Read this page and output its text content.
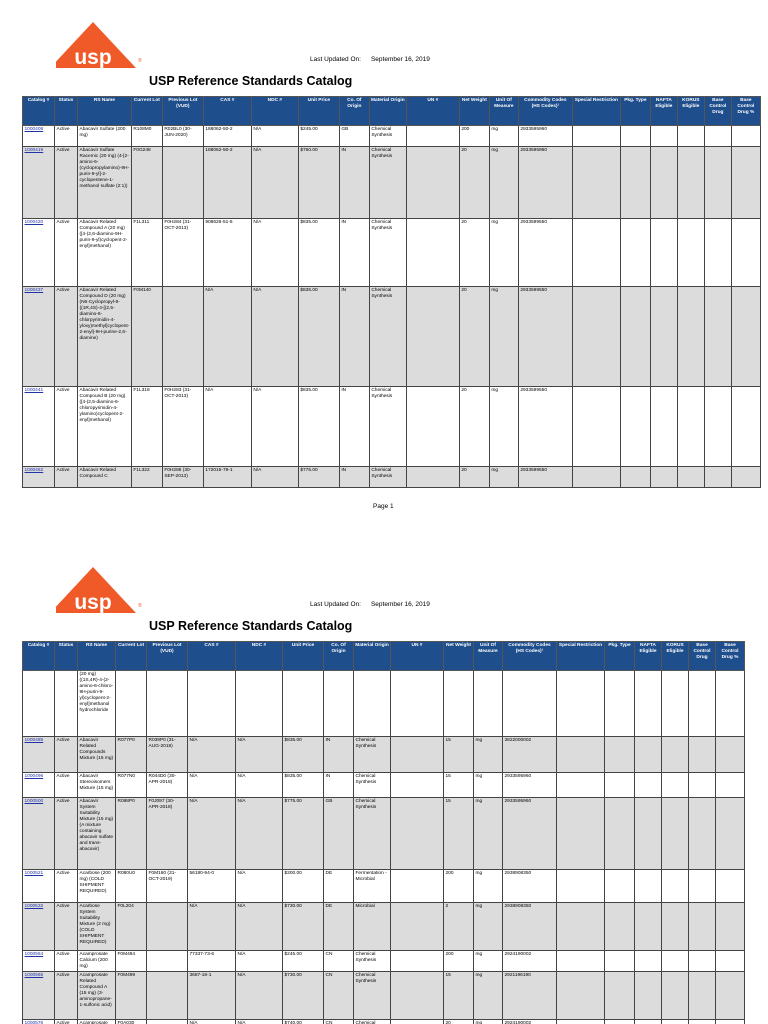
usp	®	Last Updated On: September 16, 2019
USP Reference Standards Catalog
Catalog #	Status	RS Name	Current Lot	Previous Lot (VUD)	CAS #	NDC #	Unit Price	Co. Of Origin	Material Origin	UN #	Net Weight	Unit Of Measure	Commodity Codes (HS Codes)¹	Special Restriction	Pkg. Type	NAFTA Eligible	KORUS Eligible	Base Control Drug	Base Control Drug %
1000408	Active	Abacavir Sulfate (200 mg)	R108M0	R02BL0 (30-JUN-2020)	188062-50-2	N/A	$245.00	GB	Chemical Synthesis		200	mg	2933595960						
1000419	Active	Abacavir Sulfate Racemic (20 mg) (4-[2-amino-6-(cyclopropylamino)-9H-purin-9-yl]-2-cyclopentene-1-methanol sulfate (2:1))	F0G248		188062-50-2	N/A	$760.00	IN	Chemical Synthesis		20	mg	2933595960						
1000420	Active	Abacavir Related Compound A (20 mg) ([4-(2,6-diamino-9H-purin-9-yl)cyclopent-2-enyl]methanol)	F1L311	F0H284 (31-OCT-2013)	908626-51-5	N/A	$835.00	IN	Chemical Synthesis		20	mg	2933599550						
1000437	Active	Abacavir Related Compound D (20 mg) (N6-Cyclopropyl-9-{(1R,4S)-4-[(2,5-diamino-6-chlorpyrimidin-4-yloxy)methyl]cyclopent-2-enyl}-9H-purine-2,6-diamine)	F0M140		N/A	N/A	$835.00	IN	Chemical Synthesis		20	mg	2933599550						
1000441	Active	Abacavir Related Compound B (20 mg) ([4-(2,5-diamino-6-chloropyrimidin-4-ylamino)cyclopent-2-enyl]methanol)	F1L318	F0H283 (31-OCT-2013)	N/A	N/A	$835.00	IN	Chemical Synthesis		20	mg	2933599550						
1000452	Active	Abacavir Related Compound C	F1L322	F0H285 (30-SEP-2013)	172015-79-1	N/A	$775.00	IN	Chemical Synthesis		20	mg	2933599550						
Page 1
usp	®	Last Updated On: September 16, 2019
USP Reference Standards Catalog
Catalog #	Status	RS Name	Current Lot	Previous Lot (VUD)	CAS #	NDC #	Unit Price	Co. Of Origin	Material Origin	UN #	Net Weight	Unit Of Measure	Commodity Codes (HS Codes)¹	Special Restriction	Pkg. Type	NAFTA Eligible	KORUS Eligible	Base Control Drug	Base Control Drug %
		(20 mg) ((1S,4R)-4-(2-amino-6-chloro-9H-purin-9-yl)cyclopent-2-enyl]methanol hydrochloride																	
1000485	Active	Abacavir Related Compounds Mixture (15 mg)	R077P0	R039P0 (31-AUG-2018)	N/A	N/A	$835.00	IN	Chemical Synthesis		15	mg	3822000002						
1000496	Active	Abacavir Stereoisomers Mixture (15 mg)	R077N0	R044D0 (30-APR-2018)	N/A	N/A	$835.00	IN	Chemical Synthesis		15	mg	2933595960						
1000500	Active	Abacavir System Suitability Mixture (15 mg) (A mixture containing abacavir sulfate and trans-abacavir)	R088P0	F0J097 (30-APR-2018)	N/A	N/A	$775.00	GB	Chemical Synthesis		15	mg	2933595960						
1000521	Active	Acarbose (200 mg) (COLD SHIPMENT REQUIRED)	R080U0	F0M160 (31-OCT-2019)	56180-94-0	N/A	$300.00	DE	Fermentation - Microbial		200	mg	2938908350						
1000532	Active	Acarbose System Suitability Mixture (2 mg) (COLD SHIPMENT REQUIRED)	F0L204		N/A	N/A	$730.00	DE	Microbial		2	mg	2938908350						
1000554	Active	Acamprosate Calcium (200 mg)	F0M484		77337-73-6	N/A	$245.00	CN	Chemical Synthesis		200	mg	2924190002						
1000565	Active	Acamprosate Related Compound A (15 mg) (3-aminopropane-1-sulfonic acid)	F0M499		3687-18-1	N/A	$730.00	CN	Chemical Synthesis		15	mg	2921196190						
1000576	Active	Acamprosate	F0A030		N/A	N/A	$740.00	CN	Chemical		20	mg	2924190002						
